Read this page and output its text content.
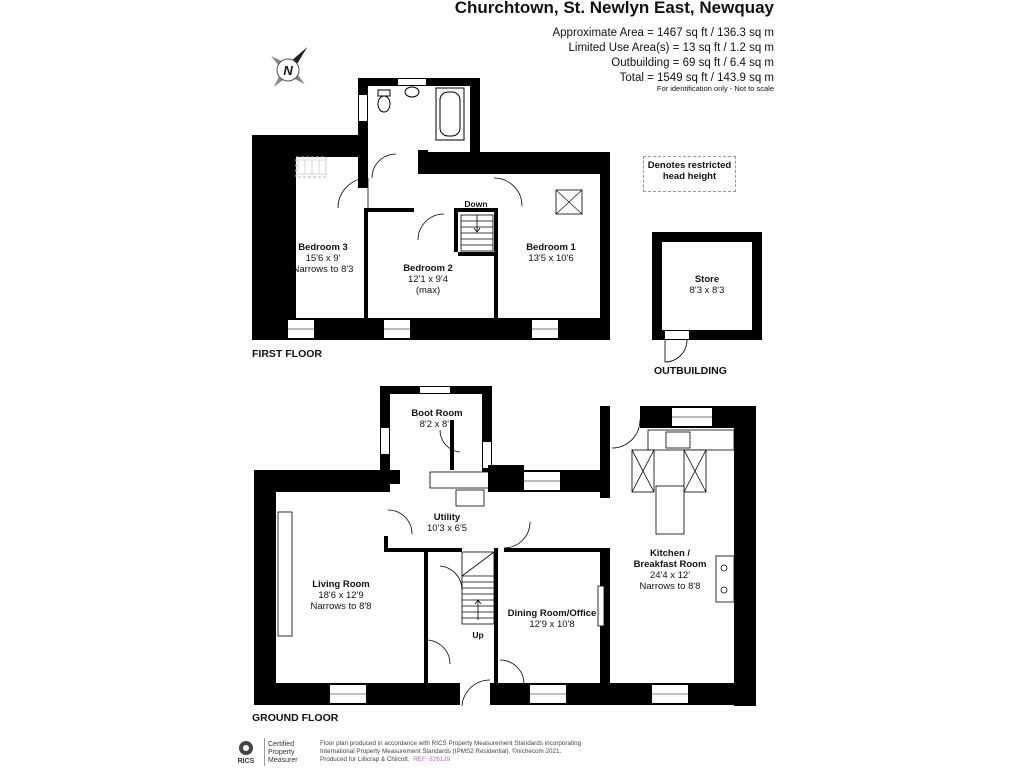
Churchtown, St. Newlyn East, Newquay
Approximate Area = 1467 sq ft / 136.3 sq m
Limited Use Area(s) = 13 sq ft / 1.2 sq m
Outbuilding = 69 sq ft / 6.4 sq m
Total = 1549 sq ft / 143.9 sq m
For identification only - Not to scale
Denotes restricted
head height
N
Down
Bedroom 3
15'6 x 9'
Narrows to 8'3	Bedroom 2
12'1 x 9'4
(max)
Bedroom 1
13'5 x 10'6
FIRST FLOOR
Store
8'3 x 8'3
OUTBUILDING
Boot Room
8'2 x 8'1
Utility
10'3 x 6'5
Living Room
18'6 x 12'9
Narrows to 8'8
Dining Room/Office
12'9 x 10'8
Kitchen /
Breakfast Room
24'4 x 12'
Narrows to 8'8
Up
GROUND FLOOR
RICS
Certified
Property
Measurer
Floor plan produced in accordance with RICS Property Measurement Standards incorporating
International Property Measurement Standards (IPMS2 Residential). ©nichecom 2021.
Produced for Lillicrap & Chilcott. REF: 826139
